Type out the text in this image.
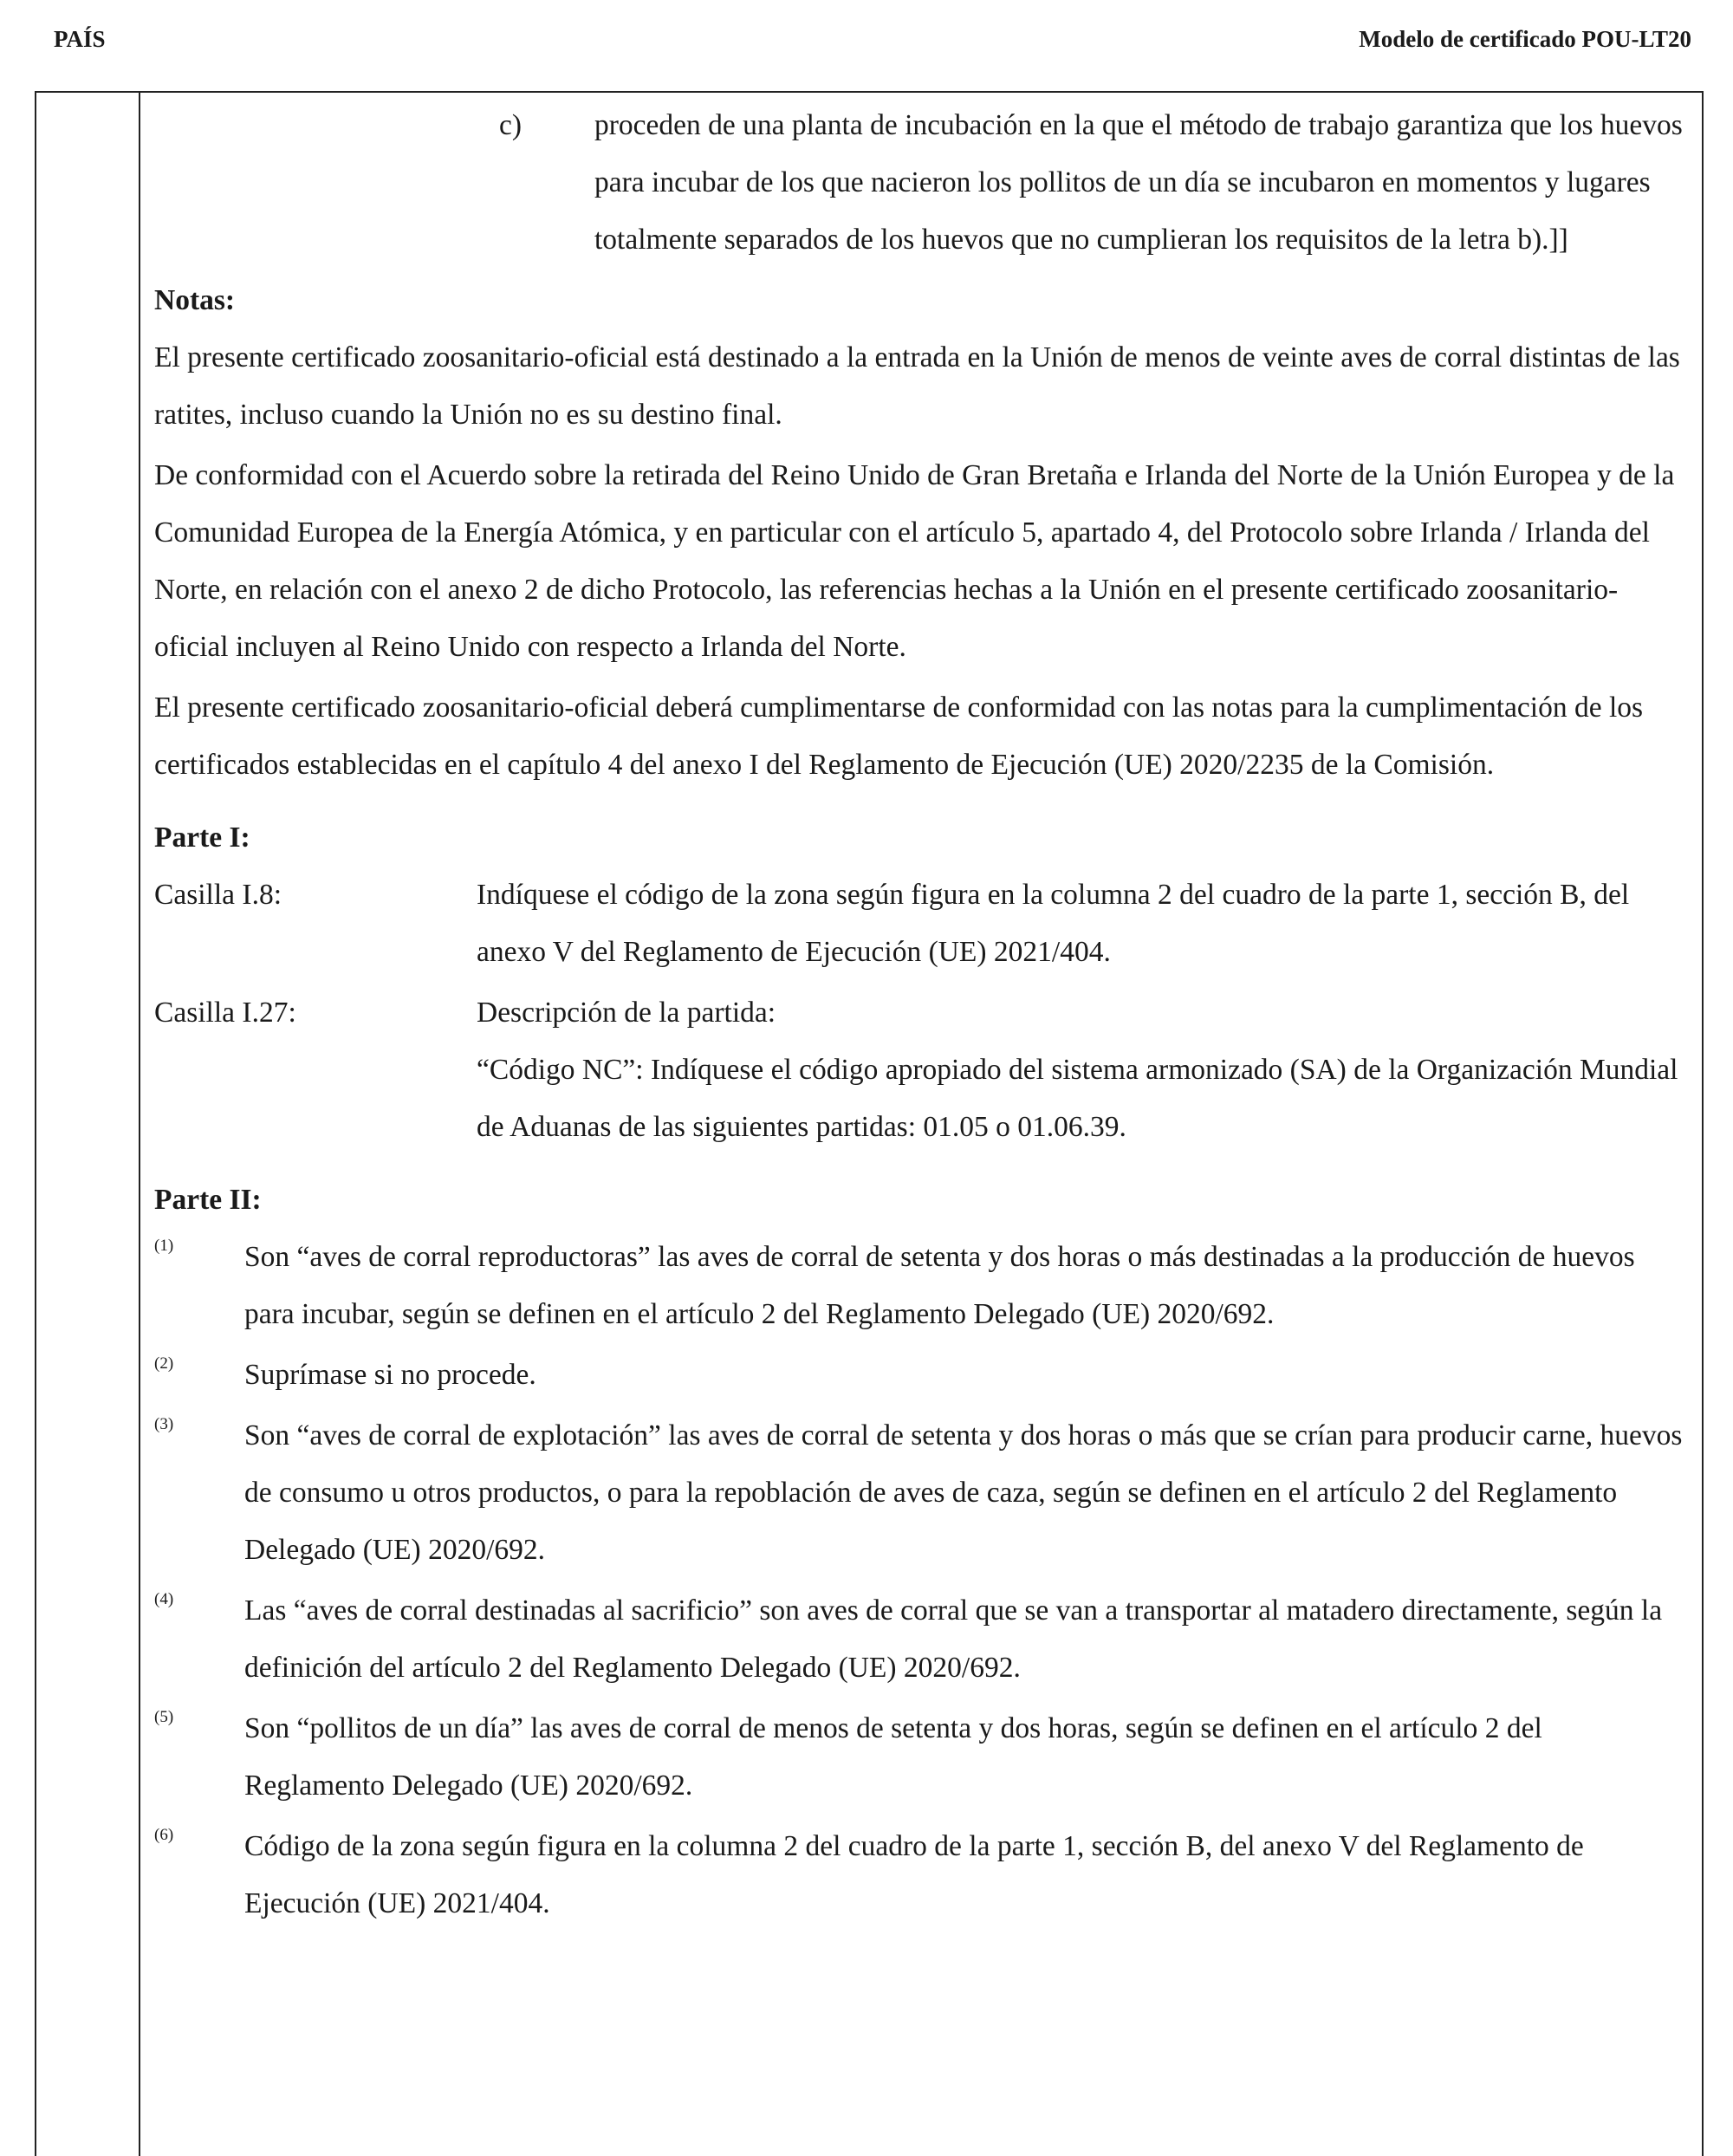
PAÍS	Modelo de certificado POU-LT20
c)	proceden de una planta de incubación en la que el método de trabajo garantiza que los huevos para incubar de los que nacieron los pollitos de un día se incubaron en momentos y lugares totalmente separados de los huevos que no cumplieran los requisitos de la letra b).]]
Notas:
El presente certificado zoosanitario-oficial está destinado a la entrada en la Unión de menos de veinte aves de corral distintas de las ratites, incluso cuando la Unión no es su destino final.
De conformidad con el Acuerdo sobre la retirada del Reino Unido de Gran Bretaña e Irlanda del Norte de la Unión Europea y de la Comunidad Europea de la Energía Atómica, y en particular con el artículo 5, apartado 4, del Protocolo sobre Irlanda / Irlanda del Norte, en relación con el anexo 2 de dicho Protocolo, las referencias hechas a la Unión en el presente certificado zoosanitario-oficial incluyen al Reino Unido con respecto a Irlanda del Norte.
El presente certificado zoosanitario-oficial deberá cumplimentarse de conformidad con las notas para la cumplimentación de los certificados establecidas en el capítulo 4 del anexo I del Reglamento de Ejecución (UE) 2020/2235 de la Comisión.
Parte I:
Casilla I.8:	Indíquese el código de la zona según figura en la columna 2 del cuadro de la parte 1, sección B, del anexo V del Reglamento de Ejecución (UE) 2021/404.
Casilla I.27:	Descripción de la partida:
“Código NC”: Indíquese el código apropiado del sistema armonizado (SA) de la Organización Mundial de Aduanas de las siguientes partidas: 01.05 o 01.06.39.
Parte II:
(1) Son “aves de corral reproductoras” las aves de corral de setenta y dos horas o más destinadas a la producción de huevos para incubar, según se definen en el artículo 2 del Reglamento Delegado (UE) 2020/692.
(2) Suprímase si no procede.
(3) Son “aves de corral de explotación” las aves de corral de setenta y dos horas o más que se crían para producir carne, huevos de consumo u otros productos, o para la repoblación de aves de caza, según se definen en el artículo 2 del Reglamento Delegado (UE) 2020/692.
(4) Las “aves de corral destinadas al sacrificio” son aves de corral que se van a transportar al matadero directamente, según la definición del artículo 2 del Reglamento Delegado (UE) 2020/692.
(5) Son “pollitos de un día” las aves de corral de menos de setenta y dos horas, según se definen en el artículo 2 del Reglamento Delegado (UE) 2020/692.
(6) Código de la zona según figura en la columna 2 del cuadro de la parte 1, sección B, del anexo V del Reglamento de Ejecución (UE) 2021/404.
